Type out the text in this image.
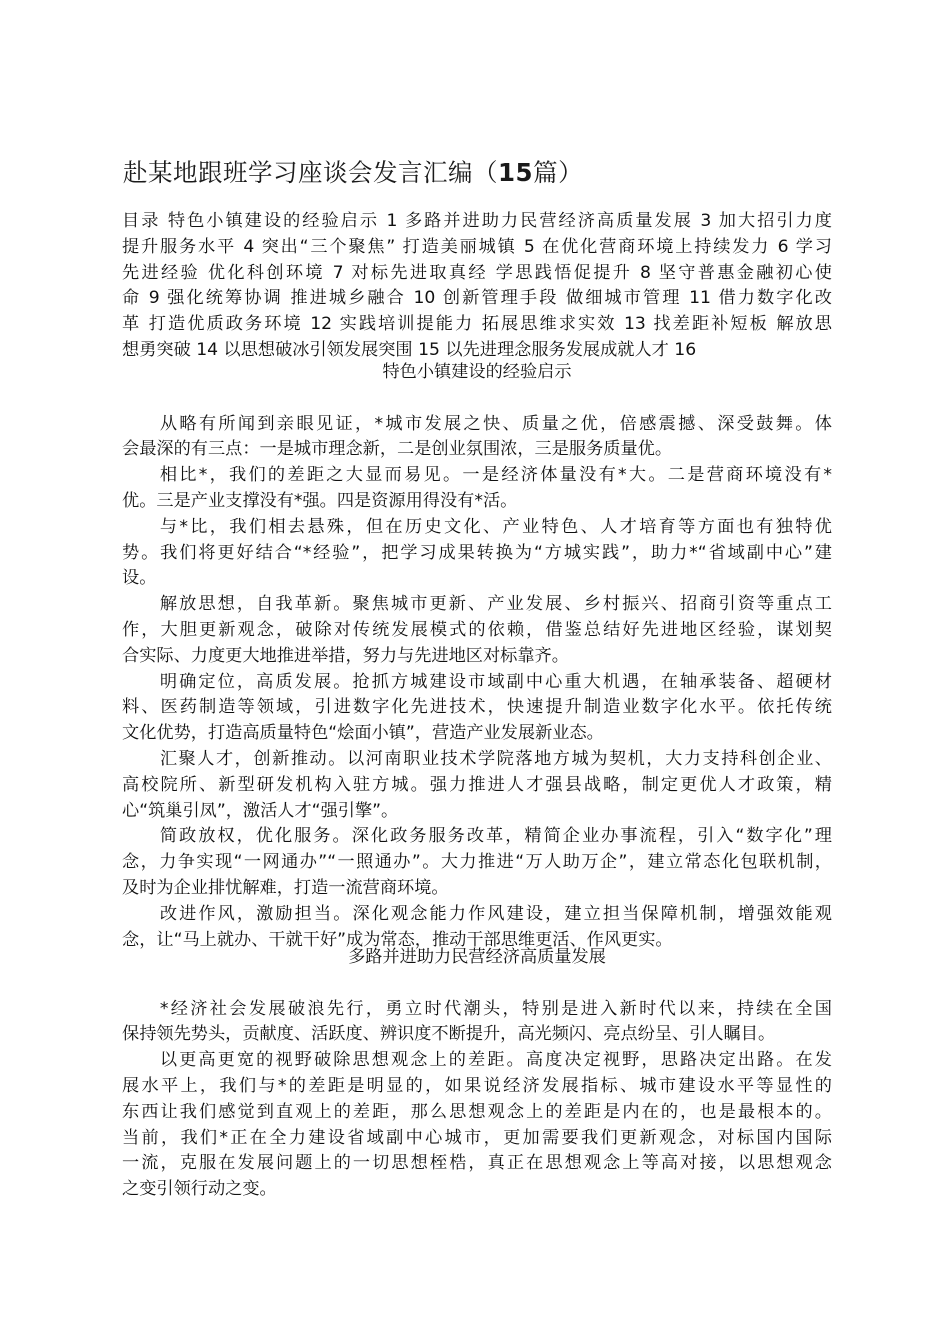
赴某地跟班学习座谈会发言汇编（15篇）
目录 特色小镇建设的经验启示 1 多路并进助力民营经济高质量发展 3 加大招引力度
提升服务水平 4 突出“三个聚焦” 打造美丽城镇 5 在优化营商环境上持续发力 6 学习
先进经验 优化科创环境 7 对标先进取真经 学思践悟促提升 8 坚守普惠金融初心使
命 9 强化统筹协调 推进城乡融合 10 创新管理手段 做细城市管理 11 借力数字化改
革 打造优质政务环境 12 实践培训提能力 拓展思维求实效 13 找差距补短板 解放思
想勇突破 14 以思想破冰引领发展突围 15 以先进理念服务发展成就人才 16
特色小镇建设的经验启示
从略有所闻到亲眼见证，*城市发展之快、质量之优，倍感震撼、深受鼓舞。体
会最深的有三点：一是城市理念新，二是创业氛围浓，三是服务质量优。
相比*，我们的差距之大显而易见。一是经济体量没有*大。二是营商环境没有*
优。三是产业支撑没有*强。四是资源用得没有*活。
与*比，我们相去悬殊，但在历史文化、产业特色、人才培育等方面也有独特优
势。我们将更好结合“*经验”，把学习成果转换为“方城实践”，助力*“省域副中心”建
设。
解放思想，自我革新。聚焦城市更新、产业发展、乡村振兴、招商引资等重点工
作，大胆更新观念，破除对传统发展模式的依赖，借鉴总结好先进地区经验，谋划契
合实际、力度更大地推进举措，努力与先进地区对标靠齐。
明确定位，高质发展。抢抓方城建设市域副中心重大机遇，在轴承装备、超硬材
料、医药制造等领域，引进数字化先进技术，快速提升制造业数字化水平。依托传统
文化优势，打造高质量特色“烩面小镇”，营造产业发展新业态。
汇聚人才，创新推动。以河南职业技术学院落地方城为契机，大力支持科创企业、
高校院所、新型研发机构入驻方城。强力推进人才强县战略，制定更优人才政策，精
心“筑巢引凤”，激活人才“强引擎”。
简政放权，优化服务。深化政务服务改革，精简企业办事流程，引入“数字化”理
念，力争实现“一网通办”“一照通办”。大力推进“万人助万企”，建立常态化包联机制，
及时为企业排忧解难，打造一流营商环境。
改进作风，激励担当。深化观念能力作风建设，建立担当保障机制，增强效能观
念，让“马上就办、干就干好”成为常态，推动干部思维更活、作风更实。
多路并进助力民营经济高质量发展
*经济社会发展破浪先行，勇立时代潮头，特别是进入新时代以来，持续在全国
保持领先势头，贡献度、活跃度、辨识度不断提升，高光频闪、亮点纷呈、引人瞩目。
以更高更宽的视野破除思想观念上的差距。高度决定视野，思路决定出路。在发
展水平上，我们与*的差距是明显的，如果说经济发展指标、城市建设水平等显性的
东西让我们感觉到直观上的差距，那么思想观念上的差距是内在的，也是最根本的。
当前，我们*正在全力建设省域副中心城市，更加需要我们更新观念，对标国内国际
一流，克服在发展问题上的一切思想桎梏，真正在思想观念上等高对接，以思想观念
之变引领行动之变。
